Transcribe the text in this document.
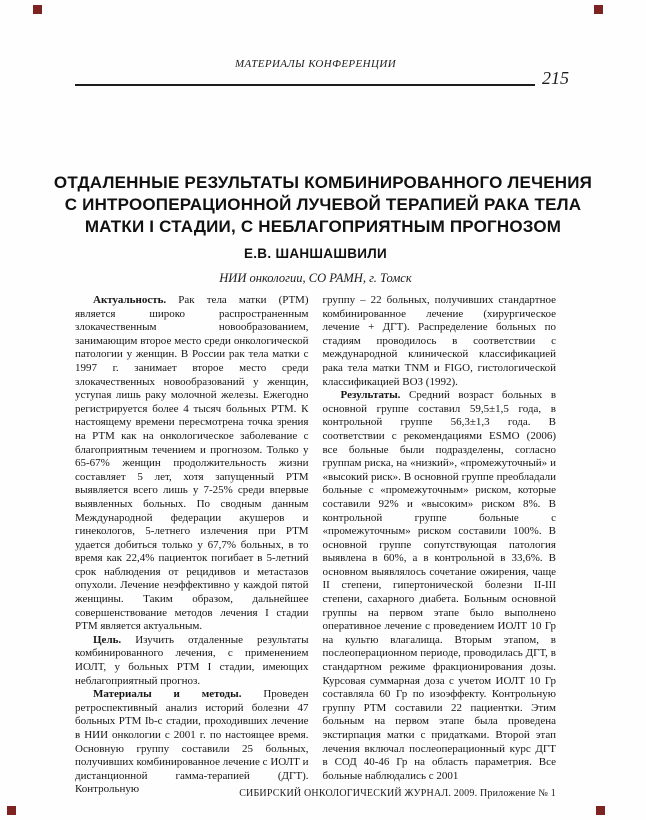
МАТЕРИАЛЫ КОНФЕРЕНЦИИ
215
ОТДАЛЕННЫЕ РЕЗУЛЬТАТЫ КОМБИНИРОВАННОГО ЛЕЧЕНИЯ
С ИНТРООПЕРАЦИОННОЙ ЛУЧЕВОЙ ТЕРАПИЕЙ РАКА ТЕЛА
МАТКИ I СТАДИИ, С НЕБЛАГОПРИЯТНЫМ ПРОГНОЗОМ
Е.В. ШАНШАШВИЛИ
НИИ онкологии, СО РАМН, г. Томск

Актуальность. Рак тела матки (РТМ) является широко распространенным злокачественным новообразованием, занимающим второе место среди онкологической патологии у женщин. В России рак тела матки с 1997 г. занимает второе место среди злокачественных новообразований у женщин, уступая лишь раку молочной железы. Ежегодно регистрируется более 4 тысяч больных РТМ. К настоящему времени пересмотрена точка зрения на РТМ как на онкологическое заболевание с благоприятным течением и прогнозом. Только у 65-67% женщин продолжительность жизни составляет 5 лет, хотя запущенный РТМ выявляется всего лишь у 7-25% среди впервые выявленных больных. По сводным данным Международной федерации акушеров и гинекологов, 5-летнего излечения при РТМ удается добиться только у 67,7% больных, в то время как 22,4% пациенток погибает в 5-летний срок наблюдения от рецидивов и метастазов опухоли. Лечение неэффективно у каждой пятой женщины. Таким образом, дальнейшее совершенствование методов лечения I стадии РТМ является актуальным.

Цель. Изучить отдаленные результаты комбинированного лечения, с применением ИОЛТ, у больных РТМ I стадии, имеющих неблагоприятный прогноз.

Материалы и методы. Проведен ретроспективный анализ историй болезни 47 больных РТМ Ib-c стадии, проходивших лечение в НИИ онкологии с 2001 г. по настоящее время. Основную группу составили 25 больных, получивших комбинированное лечение с ИОЛТ и дистанционной гамма-терапией (ДГТ). Контрольную

группу – 22 больных, получивших стандартное комбинированное лечение (хирургическое лечение + ДГТ). Распределение больных по стадиям проводилось в соответствии с международной клинической классификацией рака тела матки TNM и FIGO, гистологической классификацией ВОЗ (1992).

Результаты. Средний возраст больных в основной группе составил 59,5±1,5 года, в контрольной группе 56,3±1,3 года. В соответствии с рекомендациями ESMO (2006) все больные были подразделены, согласно группам риска, на «низкий», «промежуточный» и «высокий риск». В основной группе преобладали больные с «промежуточным» риском, которые составили 92% и «высоким» риском 8%. В контрольной группе больные с «промежуточным» риском составили 100%. В основной группе сопутствующая патология выявлена в 60%, а в контрольной в 33,6%. В основном выявлялось сочетание ожирения, чаще II степени, гипертонической болезни II-III степени, сахарного диабета. Больным основной группы на первом этапе было выполнено оперативное лечение с проведением ИОЛТ 10 Гр на культю влагалища. Вторым этапом, в послеоперационном периоде, проводилась ДГТ, в стандартном режиме фракционирования дозы. Курсовая суммарная доза с учетом ИОЛТ 10 Гр составляла 60 Гр по изоэффекту. Контрольную группу РТМ составили 22 пациентки. Этим больным на первом этапе была проведена экстирпация матки с придатками. Второй этап лечения включал послеоперационный курс ДГТ в СОД 40-46 Гр на область параметрия. Все больные наблюдались с 2001

СИБИРСКИЙ ОНКОЛОГИЧЕСКИЙ ЖУРНАЛ. 2009. Приложение № 1
